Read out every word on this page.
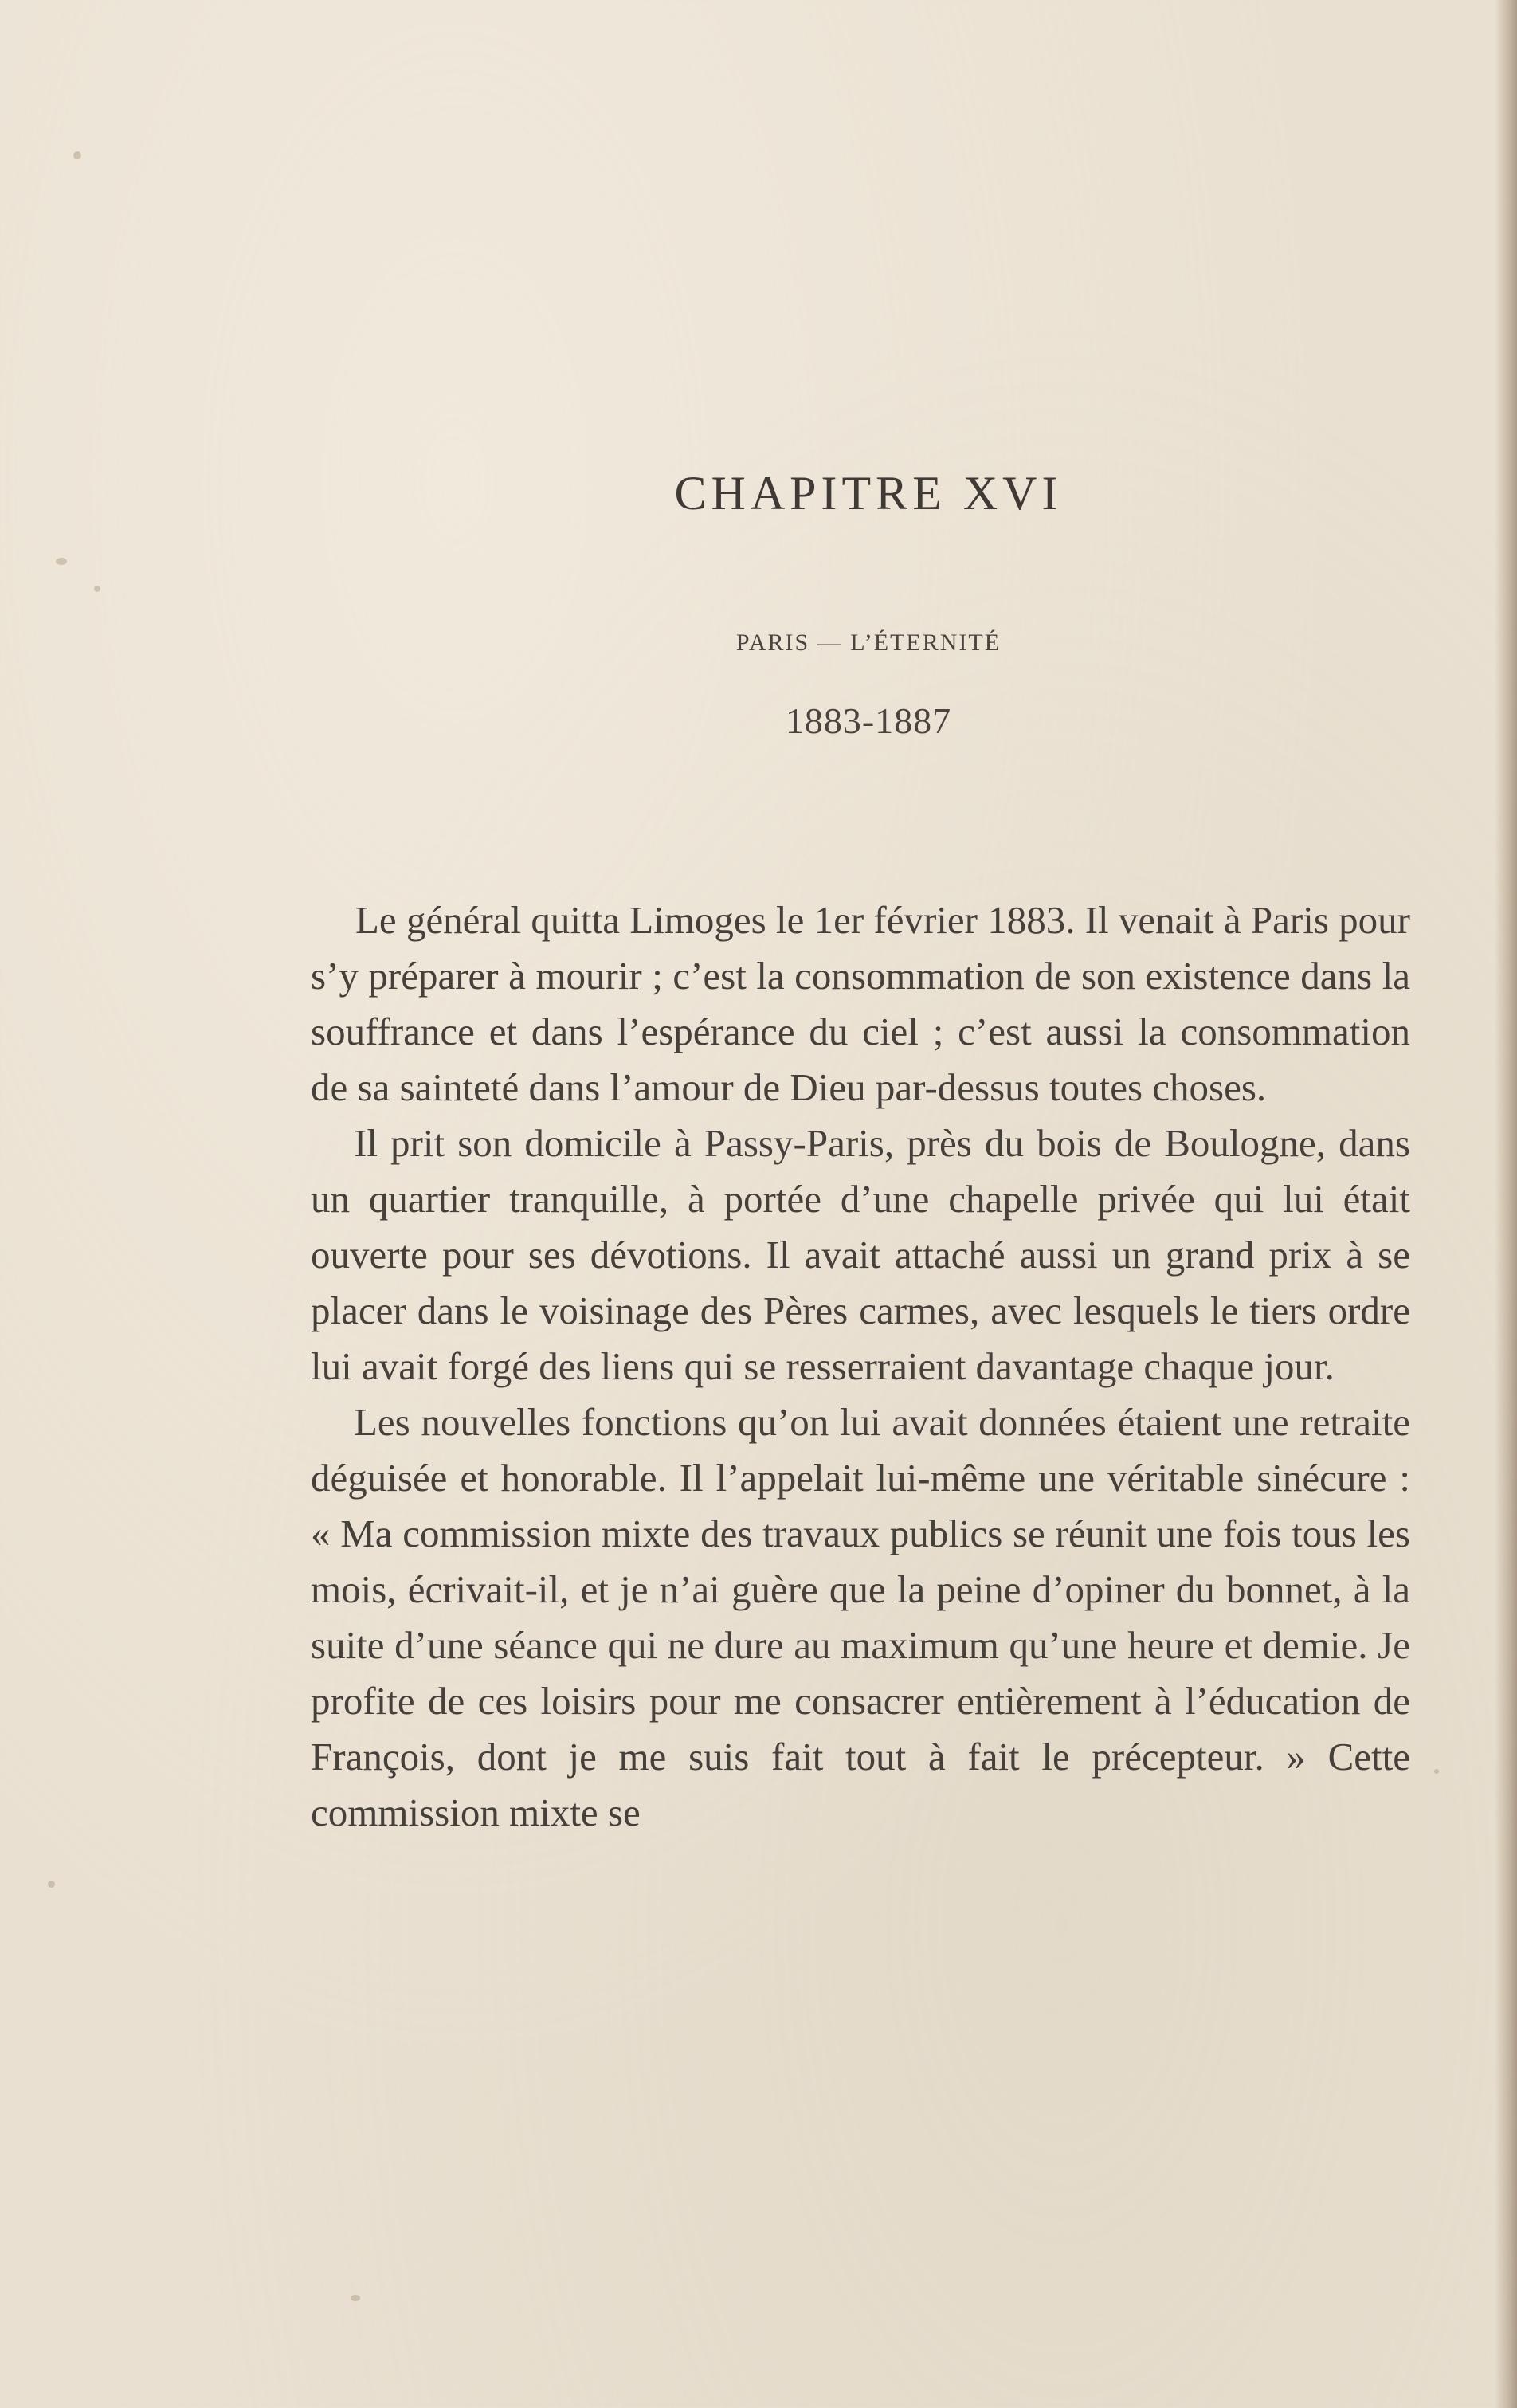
CHAPITRE XVI
PARIS — L’ÉTERNITÉ
1883-1887

Le général quitta Limoges le 1er février 1883. Il venait à Paris pour s’y préparer à mourir ; c’est la consommation de son existence dans la souffrance et dans l’espérance du ciel ; c’est aussi la consommation de sa sainteté dans l’amour de Dieu par-dessus toutes choses.

Il prit son domicile à Passy-Paris, près du bois de Boulogne, dans un quartier tranquille, à portée d’une chapelle privée qui lui était ouverte pour ses dévotions. Il avait attaché aussi un grand prix à se placer dans le voisinage des Pères carmes, avec lesquels le tiers ordre lui avait forgé des liens qui se resserraient davantage chaque jour.

Les nouvelles fonctions qu’on lui avait données étaient une retraite déguisée et honorable. Il l’appelait lui-même une véritable sinécure : « Ma commission mixte des travaux publics se réunit une fois tous les mois, écrivait-il, et je n’ai guère que la peine d’opiner du bonnet, à la suite d’une séance qui ne dure au maximum qu’une heure et demie. Je profite de ces loisirs pour me consacrer entièrement à l’éducation de François, dont je me suis fait tout à fait le précepteur. » Cette commission mixte se
